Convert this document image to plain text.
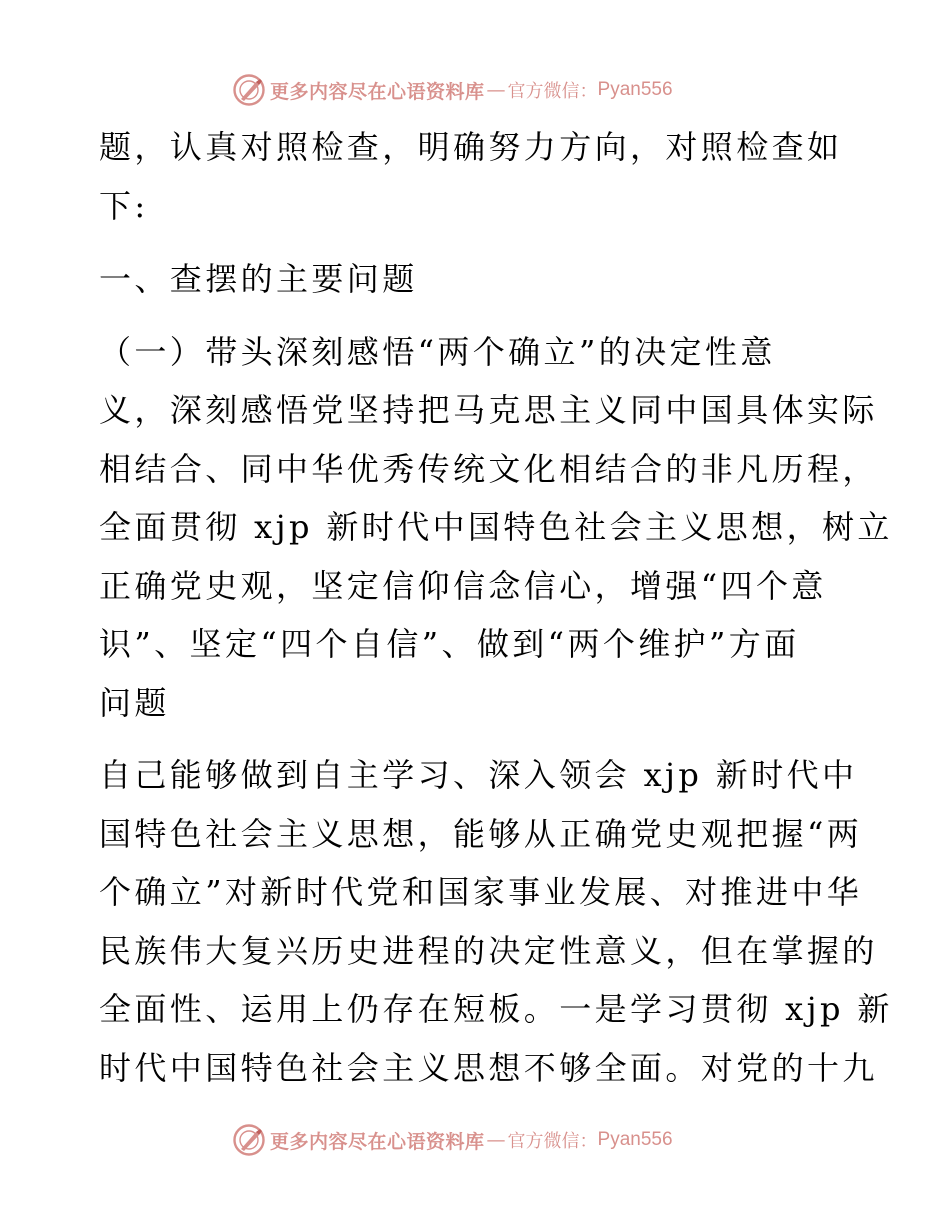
更多内容尽在心语资料库 — 官方微信： Pyan556
题，认真对照检查，明确努力方向，对照检查如
下:
一、查摆的主要问题
（一）带头深刻感悟“两个确立”的决定性意
义，深刻感悟党坚持把马克思主义同中国具体实际
相结合、同中华优秀传统文化相结合的非凡历程，
全面贯彻 xjp 新时代中国特色社会主义思想，树立
正确党史观，坚定信仰信念信心，增强“四个意
识”、坚定“四个自信”、做到“两个维护”方面
问题
自己能够做到自主学习、深入领会 xjp 新时代中
国特色社会主义思想，能够从正确党史观把握“两
个确立”对新时代党和国家事业发展、对推进中华
民族伟大复兴历史进程的决定性意义，但在掌握的
全面性、运用上仍存在短板。一是学习贯彻 xjp 新
时代中国特色社会主义思想不够全面。对党的十九
更多内容尽在心语资料库 — 官方微信： Pyan556
